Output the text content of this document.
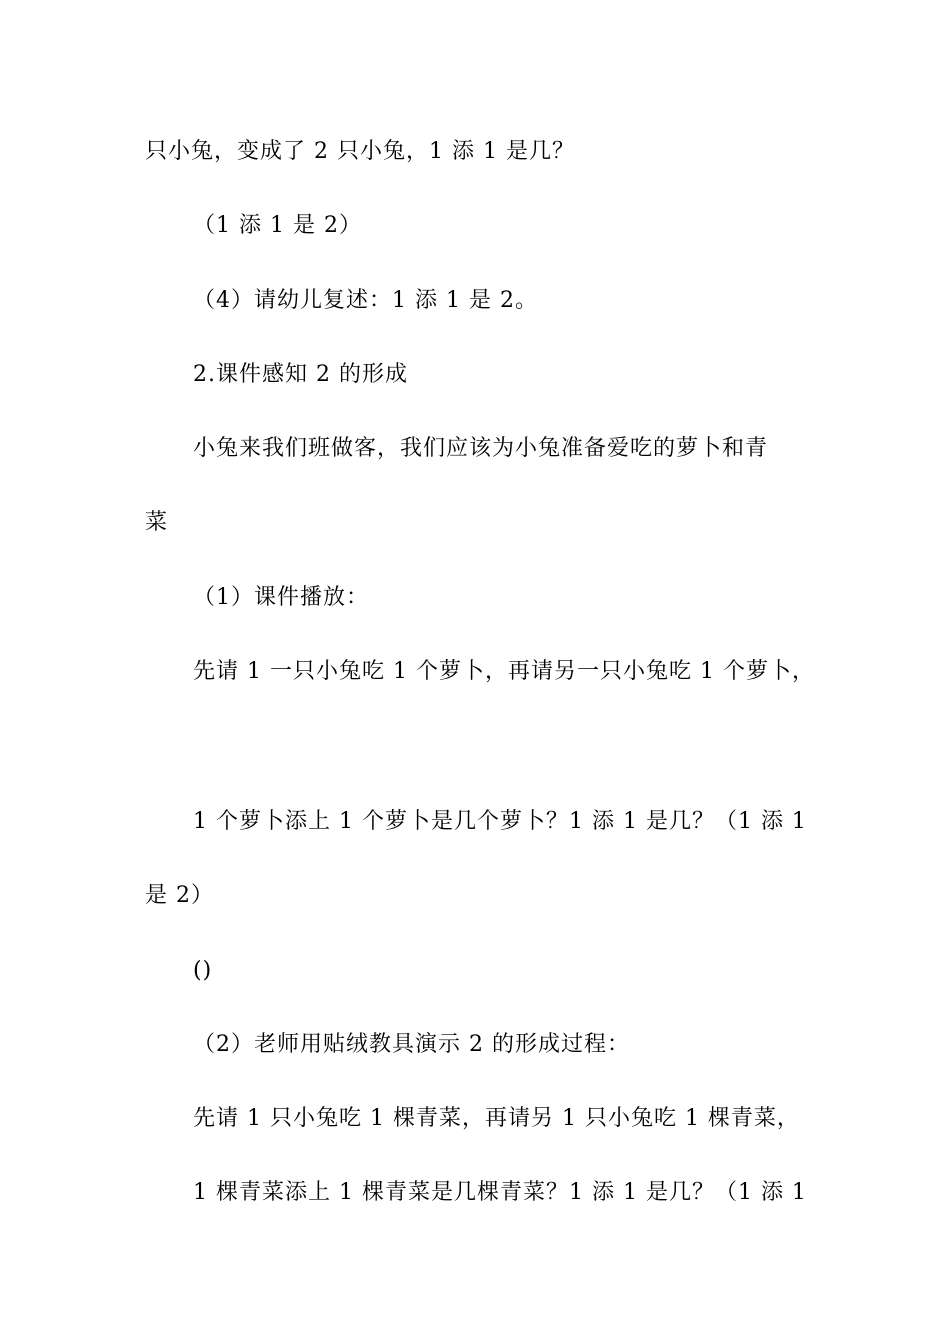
只小兔，变成了 2 只小兔，1 添 1 是几？
（1 添 1 是 2）
（4）请幼儿复述：1 添 1 是 2。
2.课件感知 2 的形成
小兔来我们班做客，我们应该为小兔准备爱吃的萝卜和青
菜
（1）课件播放：
先请 1 一只小兔吃 1 个萝卜，再请另一只小兔吃 1 个萝卜，
1 个萝卜添上 1 个萝卜是几个萝卜？1 添 1 是几？（1 添 1
是 2）
()
（2）老师用贴绒教具演示 2 的形成过程：
先请 1 只小兔吃 1 棵青菜，再请另 1 只小兔吃 1 棵青菜，
1 棵青菜添上 1 棵青菜是几棵青菜？1 添 1 是几？（1 添 1
